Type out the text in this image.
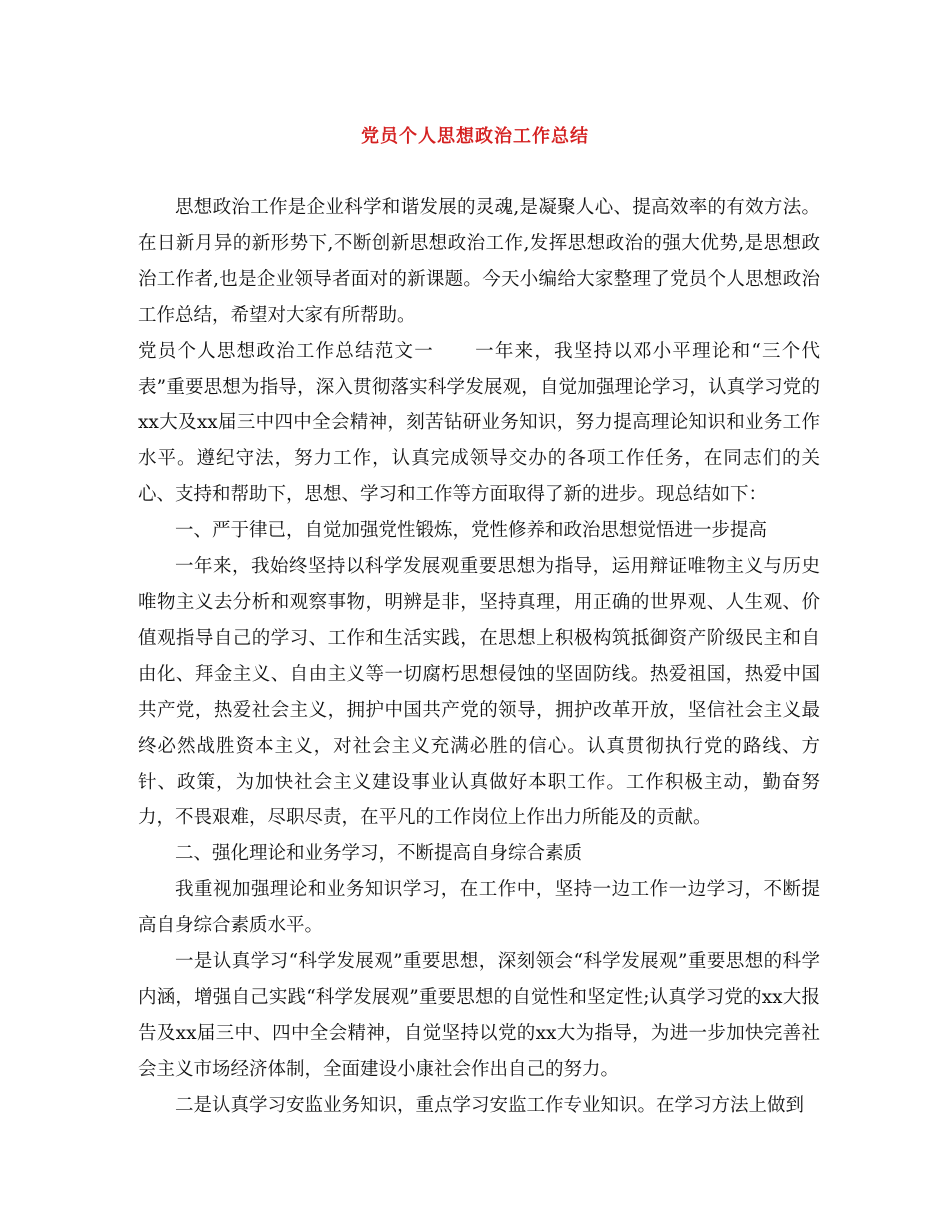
党员个人思想政治工作总结

思想政治工作是企业科学和谐发展的灵魂,是凝聚人心、提高效率的有效方法。在日新月异的新形势下,不断创新思想政治工作,发挥思想政治的强大优势,是思想政治工作者,也是企业领导者面对的新课题。今天小编给大家整理了党员个人思想政治工作总结，希望对大家有所帮助。

党员个人思想政治工作总结范文一 一年来，我坚持以邓小平理论和“三个代表”重要思想为指导，深入贯彻落实科学发展观，自觉加强理论学习，认真学习党的xx大及xx届三中四中全会精神，刻苦钻研业务知识，努力提高理论知识和业务工作水平。遵纪守法，努力工作，认真完成领导交办的各项工作任务，在同志们的关心、支持和帮助下，思想、学习和工作等方面取得了新的进步。现总结如下：

一、严于律已，自觉加强党性锻炼，党性修养和政治思想觉悟进一步提高

一年来，我始终坚持以科学发展观重要思想为指导，运用辩证唯物主义与历史唯物主义去分析和观察事物，明辨是非，坚持真理，用正确的世界观、人生观、价值观指导自己的学习、工作和生活实践，在思想上积极构筑抵御资产阶级民主和自由化、拜金主义、自由主义等一切腐朽思想侵蚀的坚固防线。热爱祖国，热爱中国共产党，热爱社会主义，拥护中国共产党的领导，拥护改革开放，坚信社会主义最终必然战胜资本主义，对社会主义充满必胜的信心。认真贯彻执行党的路线、方针、政策，为加快社会主义建设事业认真做好本职工作。工作积极主动，勤奋努力，不畏艰难，尽职尽责，在平凡的工作岗位上作出力所能及的贡献。

二、强化理论和业务学习，不断提高自身综合素质

我重视加强理论和业务知识学习，在工作中，坚持一边工作一边学习，不断提高自身综合素质水平。

一是认真学习“科学发展观”重要思想，深刻领会“科学发展观”重要思想的科学内涵，增强自己实践“科学发展观”重要思想的自觉性和坚定性;认真学习党的xx大报告及xx届三中、四中全会精神，自觉坚持以党的xx大为指导，为进一步加快完善社会主义市场经济体制，全面建设小康社会作出自己的努力。

二是认真学习安监业务知识，重点学习安监工作专业知识。在学习方法上做到
